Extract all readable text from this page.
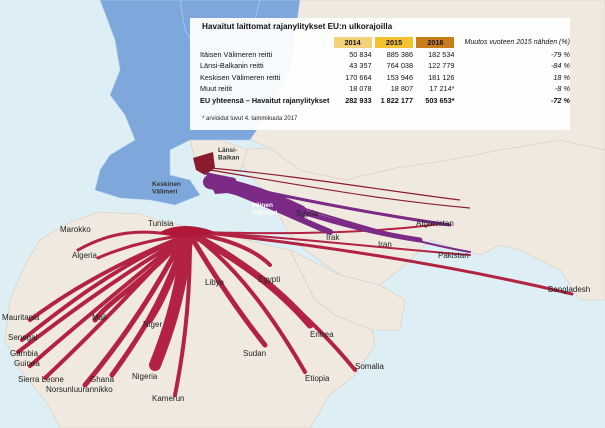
Länsi-Balkan
Keskinen Välimeri
Itäinen Välimeri
Marokko
Algeria
Tunisia
Libya	Egypti
Syyria
Irak
Iran
Afganistan
Pakistan
Bangladesh
Mauritania	Mali
Niger
Senegal
Gambia
Guinea
Sierra Leone
Norsunluurannikko
Ghana Nigeria
Kamerun
Sudan
Eritrea
Etiopia
Somalia
Havaitut laittomat rajanylitykset EU:n ulkorajoilla
	2014	2015	2016	Muutos vuoteen 2015 nähden (%)
Itäisen Välimeren reitti	50 834	885 386	182 534	-79 %
Länsi-Balkanin reitti	43 357	764 038	122 779	-84 %
Keskisen Välimeren reitti	170 664	153 946	181 126	18 %
Muut reitit	18 078	18 807	17 214*	-8 %
EU yhteensä – Havaitut rajanylitykset	282 933	1 822 177	503 653*	-72 %
* arvioidut luvut 4. tammikuuta 2017
